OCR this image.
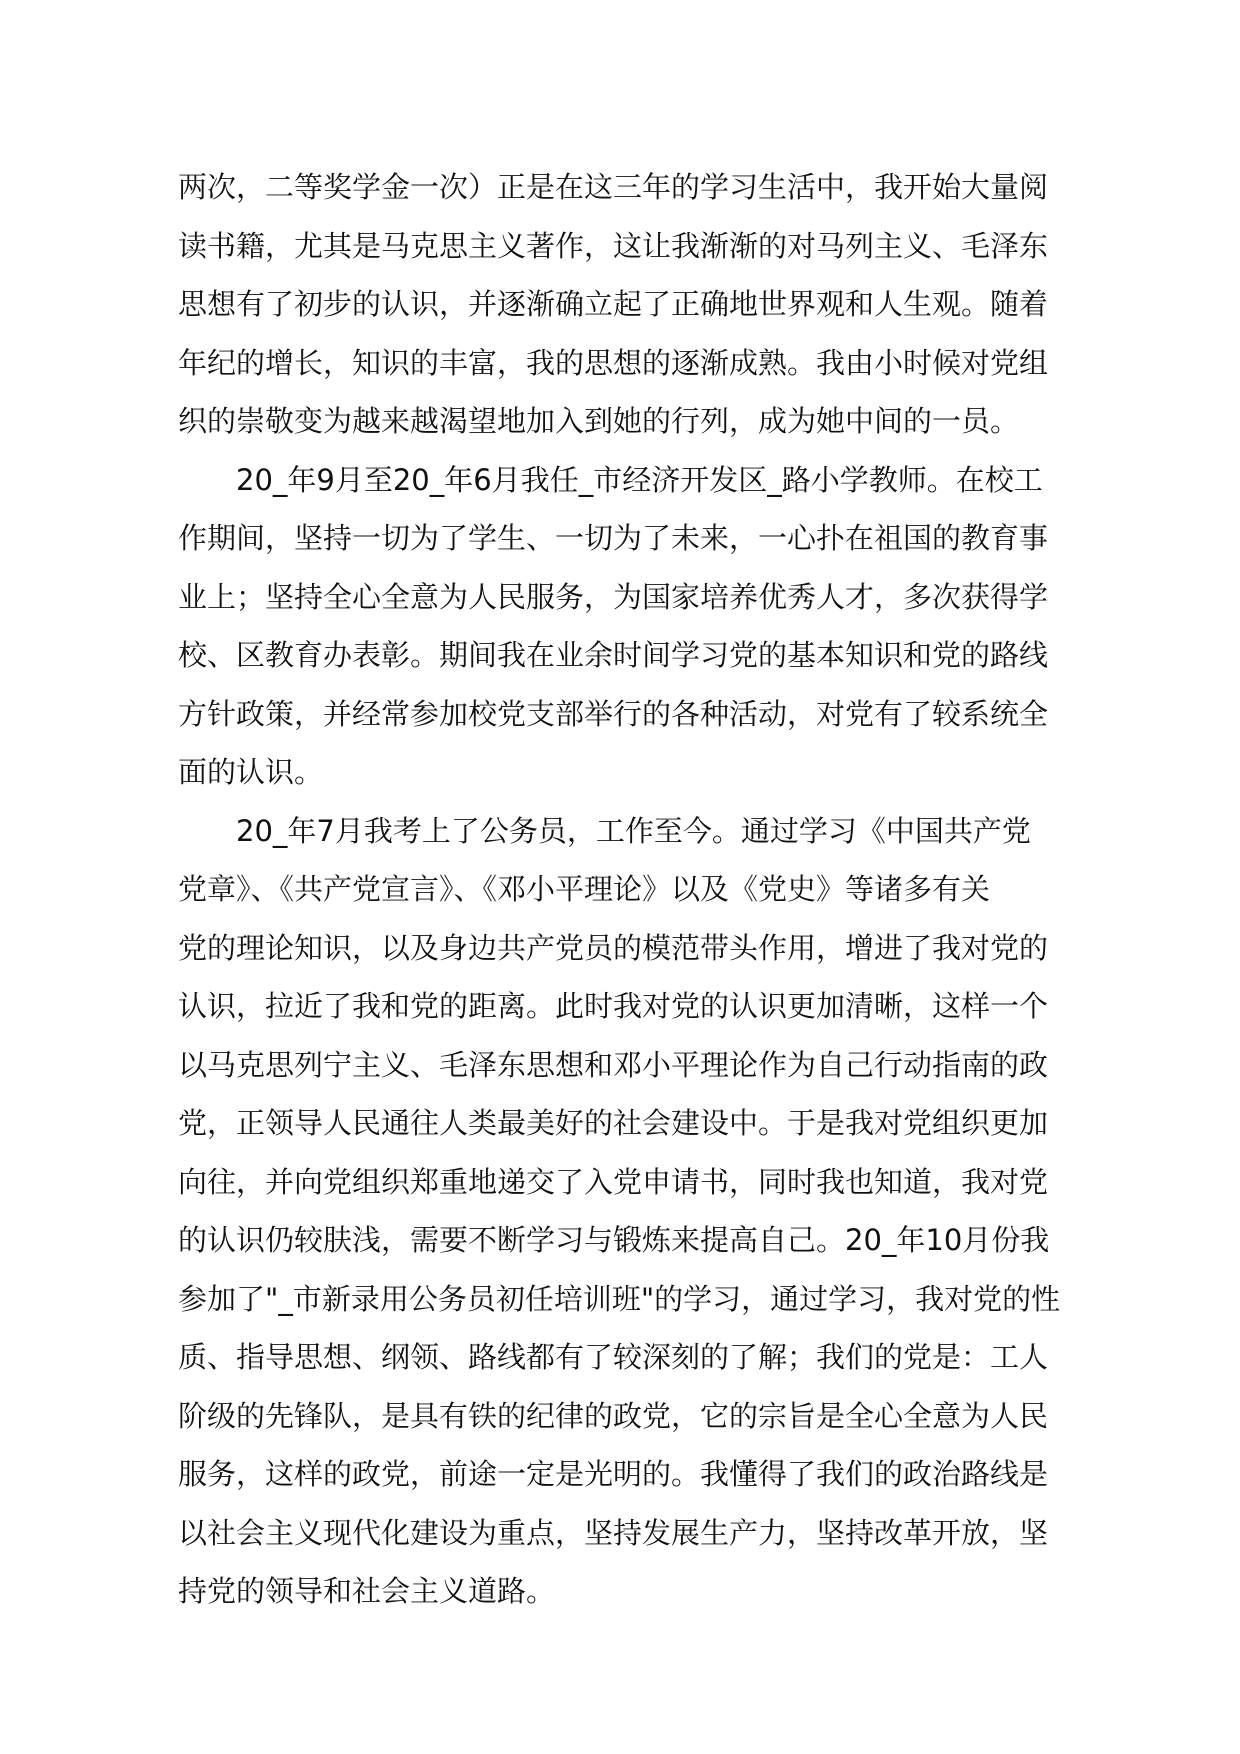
两次，二等奖学金一次）正是在这三年的学习生活中，我开始大量阅
读书籍，尤其是马克思主义著作，这让我渐渐的对马列主义、毛泽东
思想有了初步的认识，并逐渐确立起了正确地世界观和人生观。随着
年纪的增长，知识的丰富，我的思想的逐渐成熟。我由小时候对党组
织的崇敬变为越来越渴望地加入到她的行列，成为她中间的一员。
20_年9月至20_年6月我任_市经济开发区_路小学教师。在校工
作期间，坚持一切为了学生、一切为了未来，一心扑在祖国的教育事
业上；坚持全心全意为人民服务，为国家培养优秀人才，多次获得学
校、区教育办表彰。期间我在业余时间学习党的基本知识和党的路线
方针政策，并经常参加校党支部举行的各种活动，对党有了较系统全
面的认识。
20_年7月我考上了公务员，工作至今。通过学习《中国共产党
党章》、《共产党宣言》、《邓小平理论》以及《党史》等诸多有关
党的理论知识，以及身边共产党员的模范带头作用，增进了我对党的
认识，拉近了我和党的距离。此时我对党的认识更加清晰，这样一个
以马克思列宁主义、毛泽东思想和邓小平理论作为自己行动指南的政
党，正领导人民通往人类最美好的社会建设中。于是我对党组织更加
向往，并向党组织郑重地递交了入党申请书，同时我也知道，我对党
的认识仍较肤浅，需要不断学习与锻炼来提高自己。20_年10月份我
参加了"_市新录用公务员初任培训班"的学习，通过学习，我对党的性
质、指导思想、纲领、路线都有了较深刻的了解；我们的党是：工人
阶级的先锋队，是具有铁的纪律的政党，它的宗旨是全心全意为人民
服务，这样的政党，前途一定是光明的。我懂得了我们的政治路线是
以社会主义现代化建设为重点，坚持发展生产力，坚持改革开放，坚
持党的领导和社会主义道路。
